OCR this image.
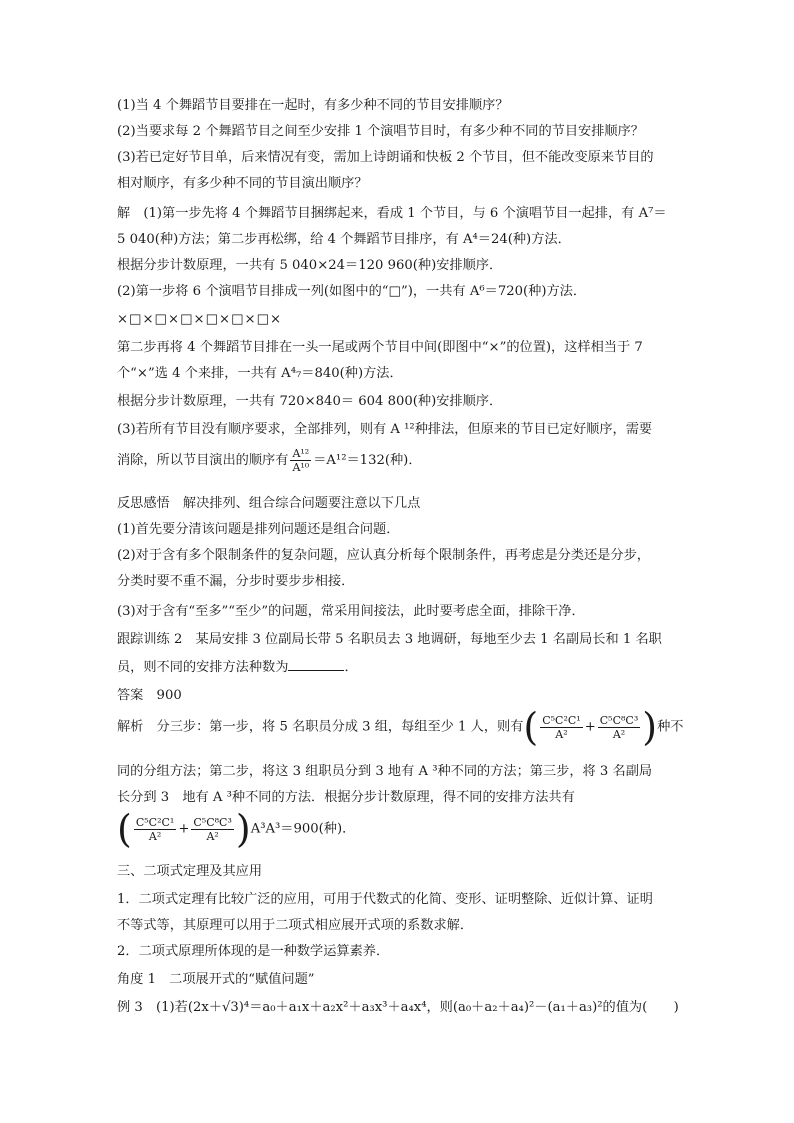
(1)当 4 个舞蹈节目要排在一起时，有多少种不同的节目安排顺序？
(2)当要求每 2 个舞蹈节目之间至少安排 1 个演唱节目时，有多少种不同的节目安排顺序？
(3)若已定好节目单，后来情况有变，需加上诗朗诵和快板 2 个节目，但不能改变原来节目的
相对顺序，有多少种不同的节目演出顺序？
解　(1)第一步先将 4 个舞蹈节目捆绑起来，看成 1 个节目，与 6 个演唱节目一起排，有 A⁷＝
5 040(种)方法；第二步再松绑，给 4 个舞蹈节目排序，有 A⁴＝24(种)方法．
根据分步计数原理，一共有 5 040×24＝120 960(种)安排顺序．
(2)第一步将 6 个演唱节目排成一列(如图中的“□”)，一共有 A⁶＝720(种)方法．
×□×□×□×□×□×□×
第二步再将 4 个舞蹈节目排在一头一尾或两个节目中间(即图中“×”的位置)，这样相当于 7
个“×”选 4 个来排，一共有 A⁴₇＝840(种)方法．
根据分步计数原理，一共有 720×840＝ 604 800(种)安排顺序．
(3)若所有节目没有顺序要求，全部排列，则有 A ¹²种排法，但原来的节目已定好顺序，需要
消除，所以节目演出的顺序有 $\frac{\text{A¹²}}{\text{A¹⁰}} =A^{12}=132$(种)．
反思感悟　解决排列、组合综合问题要注意以下几点
(1)首先要分清该问题是排列问题还是组合问题．
(2)对于含有多个限制条件的复杂问题，应认真分析每个限制条件，再考虑是分类还是分步，
分类时要不重不漏，分步时要步步相接．
(3)对于含有“至多”“至少”的问题，常采用间接法，此时要考虑全面，排除干净．
跟踪训练 2　某局安排 3 位副局长带 5 名职员去 3 地调研，每地至少去 1 名副局长和 1 名职
员，则不同的安排方法种数为	．
答案　900
解析　分三步：第一步，将 5 名职员分成 3 组，每组至少 1 人，则有( $\frac{\text{C⁵C²C¹}}{\text{A²}} + \frac{\text{C⁵C⁸C³}}{\text{A²}}$ )种不
同的分组方法；第二步，将这 3 组职员分到 3 地有 A ³种不同的方法；第三步，将 3 名副局
长分到 3　地有 A ³种不同的方法．根据分步计数原理，得不同的安排方法共有
( $\frac{\text{C⁵C²C¹}}{\text{A²}} + \frac{\text{C⁵C⁸C³}}{\text{A²}} )A^3A^3=900$(种)．
三、二项式定理及其应用
1．二项式定理有比较广泛的应用，可用于代数式的化简、变形、证明整除、近似计算、证明
不等式等，其原理可以用于二项式相应展开式项的系数求解．
2．二项式原理所体现的是一种数学运算素养．
角度 1　二项展开式的“赋值问题”
例 3　(1)若(2x＋√3)⁴＝a₀＋a₁x＋a₂x²＋a₃x³＋a₄x⁴，则(a₀＋a₂＋a₄)²－(a₁＋a₃)²的值为(　　)
